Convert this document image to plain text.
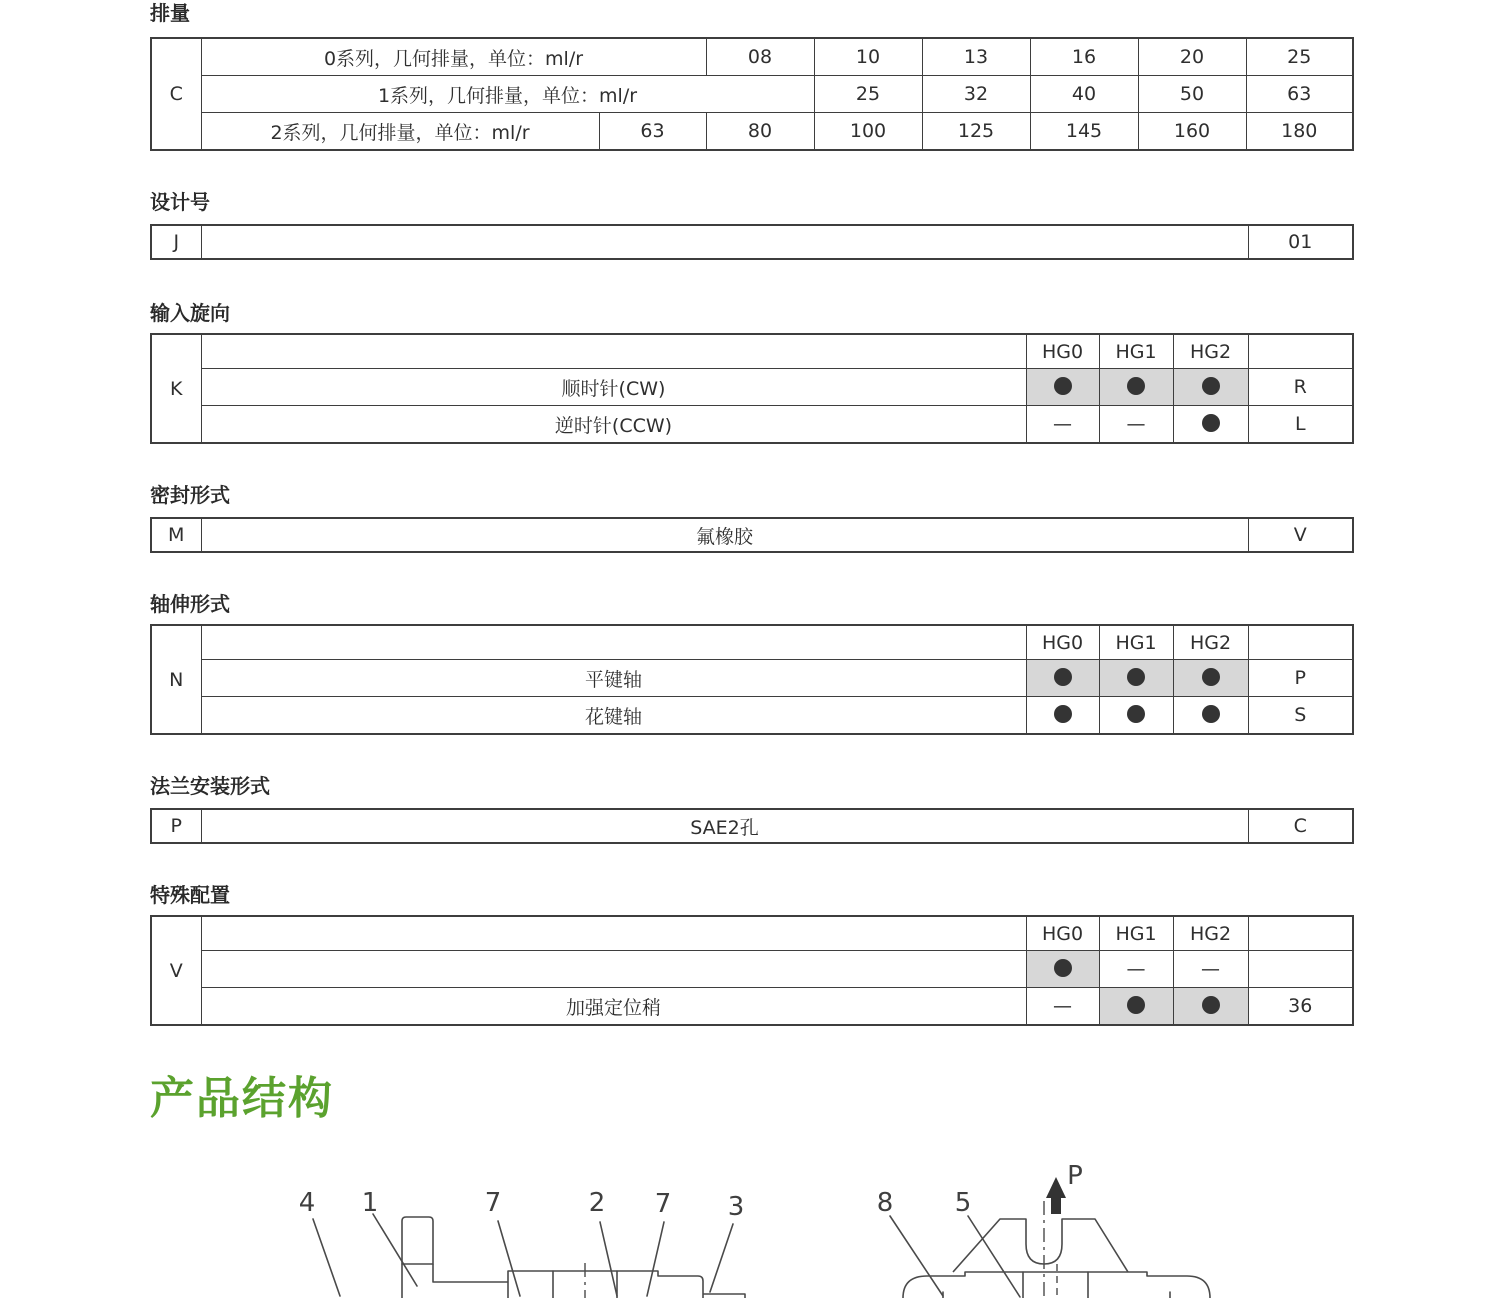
排量
C	0系列，几何排量，单位：ml/r		08	10	13	16	20	25
	1系列，几何排量，单位：ml/r			25	32	40	50	63
	2系列，几何排量，单位：ml/r	63	80	100	125	145	160	180
设计号
J		01
输入旋向
K		HG0	HG1	HG2	
	顺时针(CW)				R
	逆时针(CCW)	—	—		L
密封形式
M	氟橡胶	V
轴伸形式
N		HG0	HG1	HG2	
	平键轴				P
	花键轴				S
法兰安装形式
P	SAE2孔	C
特殊配置
V		HG0	HG1	HG2	
			—	—	
	加强定位稍	—			36
产品结构
4 1	7	2 7 3	8 5
P
